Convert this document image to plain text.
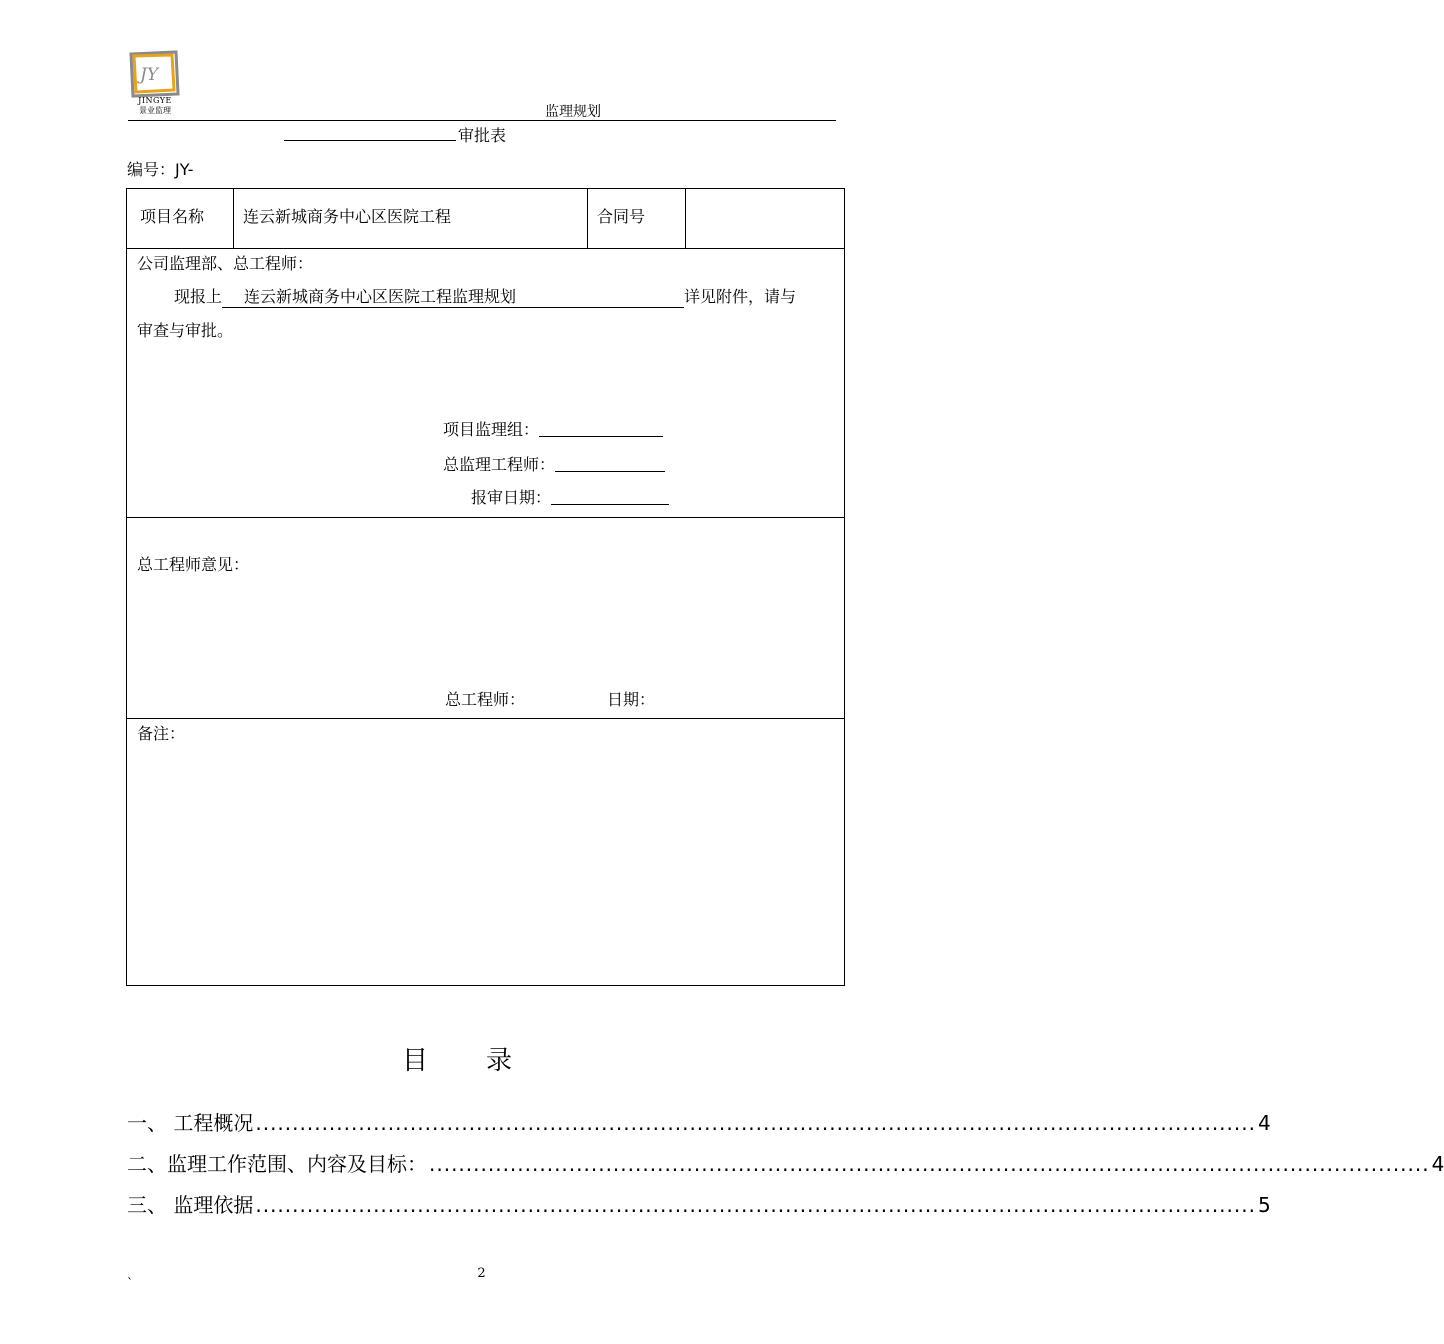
JY
JINGYE
景业监理	监理规划
审批表
编号：JY-
项目名称 连云新城商务中心区医院工程	合同号
公司监理部、总工程师：
现报上 连云新城商务中心区医院工程监理规划	详见附件，请与
审查与审批。
项目监理组：
总监理工程师：
报审日期：
总工程师意见：
总工程师：	日期：
备注：
目录
一、 工程概况 ........................................................................................................................................ 4
二、监理工作范围、内容及目标： ........................................................................................................................................ 4
三、 监理依据 ........................................................................................................................................ 5
2
`
